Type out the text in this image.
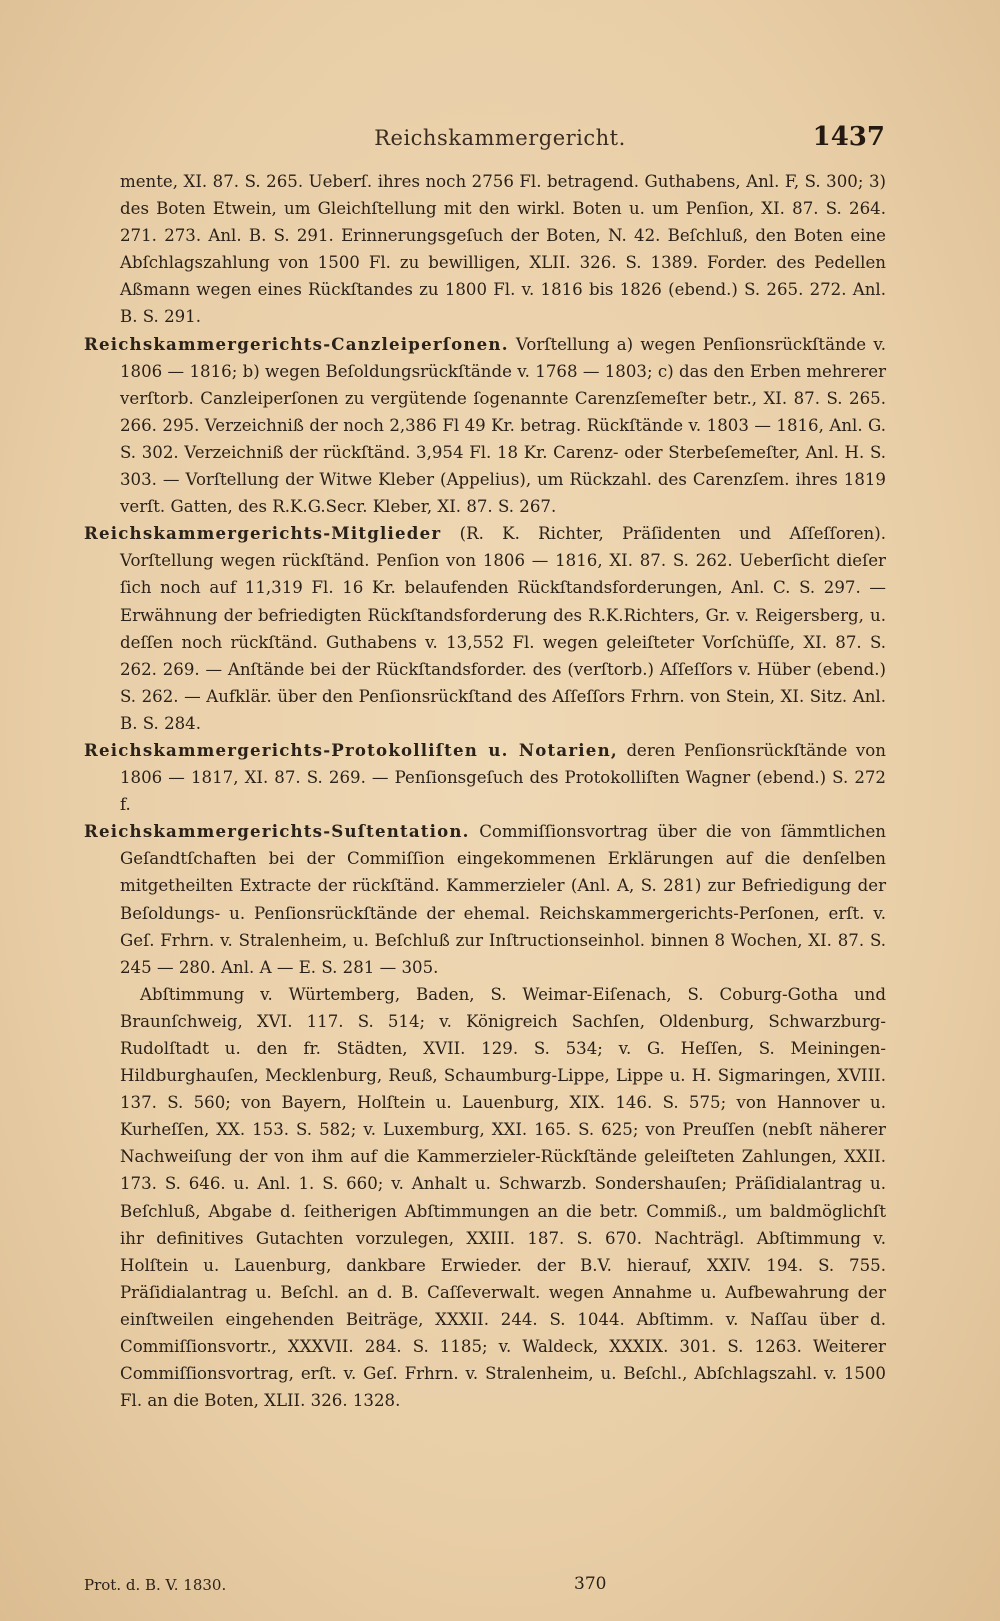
Reichskammergericht.	1437

mente, XI. 87. S. 265. Ueberſ. ihres noch 2756 Fl. betragend. Guthabens, Anl. F, S. 300; 3) des Boten Etwein, um Gleichſtellung mit den wirkl. Boten u. um Penſion, XI. 87. S. 264. 271. 273. Anl. B. S. 291. Erinnerungsgeſuch der Boten, N. 42. Beſchluß, den Boten eine Abſchlagszahlung von 1500 Fl. zu bewilligen, XLII. 326. S. 1389. Forder. des Pedellen Aßmann wegen eines Rückſtandes zu 1800 Fl. v. 1816 bis 1826 (ebend.) S. 265. 272. Anl. B. S. 291.

Reichskammergerichts-Canzleiperſonen. Vorſtellung a) wegen Penſionsrückſtände v. 1806 — 1816; b) wegen Beſoldungsrückſtände v. 1768 — 1803; c) das den Erben mehrerer verſtorb. Canzleiperſonen zu vergütende ſogenannte Carenzſemeſter betr., XI. 87. S. 265. 266. 295. Verzeichniß der noch 2,386 Fl 49 Kr. betrag. Rückſtände v. 1803 — 1816, Anl. G. S. 302. Verzeichniß der rückſtänd. 3,954 Fl. 18 Kr. Carenz- oder Sterbeſemeſter, Anl. H. S. 303. — Vorſtellung der Witwe Kleber (Appelius), um Rückzahl. des Carenzſem. ihres 1819 verſt. Gatten, des R.K.G.Secr. Kleber, XI. 87. S. 267.

Reichskammergerichts-Mitglieder (R. K. Richter, Präſidenten und Aſſeſſoren). Vorſtellung wegen rückſtänd. Penſion von 1806 — 1816, XI. 87. S. 262. Ueberſicht dieſer ſich noch auf 11,319 Fl. 16 Kr. belaufenden Rückſtandsforderungen, Anl. C. S. 297. — Erwähnung der befriedigten Rückſtandsforderung des R.K.Richters, Gr. v. Reigersberg, u. deſſen noch rückſtänd. Guthabens v. 13,552 Fl. wegen geleiſteter Vorſchüſſe, XI. 87. S. 262. 269. — Anſtände bei der Rückſtandsforder. des (verſtorb.) Aſſeſſors v. Hüber (ebend.) S. 262. — Aufklär. über den Penſionsrückſtand des Aſſeſſors Frhrn. von Stein, XI. Sitz. Anl. B. S. 284.

Reichskammergerichts-Protokolliſten u. Notarien, deren Penſionsrückſtände von 1806 — 1817, XI. 87. S. 269. — Penſionsgeſuch des Protokolliſten Wagner (ebend.) S. 272 f.

Reichskammergerichts-Suſtentation. Commiſſionsvortrag über die von ſämmtlichen Geſandtſchaften bei der Commiſſion eingekommenen Erklärungen auf die denſelben mitgetheilten Extracte der rückſtänd. Kammerzieler (Anl. A, S. 281) zur Befriedigung der Beſoldungs- u. Penſionsrückſtände der ehemal. Reichskammergerichts-Perſonen, erſt. v. Geſ. Frhrn. v. Stralenheim, u. Beſchluß zur Inſtructionseinhol. binnen 8 Wochen, XI. 87. S. 245 — 280. Anl. A — E. S. 281 — 305.

Abſtimmung v. Würtemberg, Baden, S. Weimar-Eiſenach, S. Coburg-Gotha und Braunſchweig, XVI. 117. S. 514; v. Königreich Sachſen, Oldenburg, Schwarzburg-Rudolſtadt u. den fr. Städten, XVII. 129. S. 534; v. G. Heſſen, S. Meiningen-Hildburghauſen, Mecklenburg, Reuß, Schaumburg-Lippe, Lippe u. H. Sigmaringen, XVIII. 137. S. 560; von Bayern, Holſtein u. Lauenburg, XIX. 146. S. 575; von Hannover u. Kurheſſen, XX. 153. S. 582; v. Luxemburg, XXI. 165. S. 625; von Preuſſen (nebſt näherer Nachweiſung der von ihm auf die Kammerzieler-Rückſtände geleiſteten Zahlungen, XXII. 173. S. 646. u. Anl. 1. S. 660; v. Anhalt u. Schwarzb. Sondershauſen; Präſidialantrag u. Beſchluß, Abgabe d. ſeitherigen Abſtimmungen an die betr. Commiß., um baldmöglichſt ihr definitives Gutachten vorzulegen, XXIII. 187. S. 670. Nachträgl. Abſtimmung v. Holſtein u. Lauenburg, dankbare Erwieder. der B.V. hierauf, XXIV. 194. S. 755. Präſidialantrag u. Beſchl. an d. B. Caſſeverwalt. wegen Annahme u. Aufbewahrung der einſtweilen eingehenden Beiträge, XXXII. 244. S. 1044. Abſtimm. v. Naſſau über d. Commiſſionsvortr., XXXVII. 284. S. 1185; v. Waldeck, XXXIX. 301. S. 1263. Weiterer Commiſſionsvortrag, erſt. v. Geſ. Frhrn. v. Stralenheim, u. Beſchl., Abſchlagszahl. v. 1500 Fl. an die Boten, XLII. 326. 1328.

Prot. d. B. V. 1830.	370
